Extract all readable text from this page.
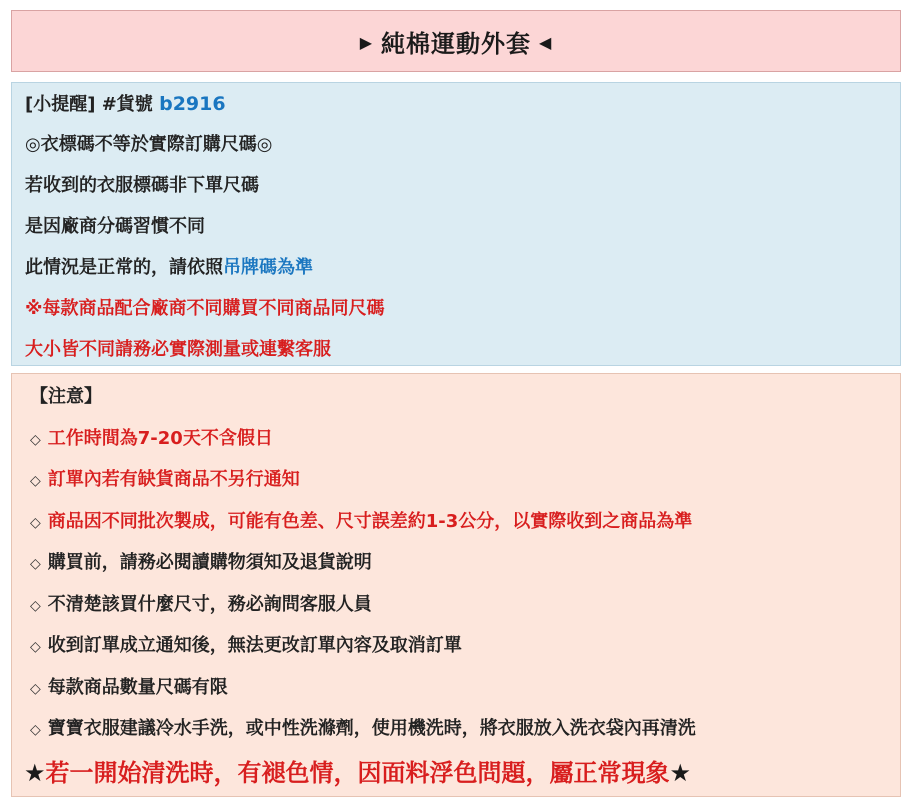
▶ 純棉運動外套 ◀
[小提醒] #貨號 b2916
◎衣標碼不等於實際訂購尺碼◎
若收到的衣服標碼非下單尺碼
是因廠商分碼習慣不同
此情況是正常的，請依照吊牌碼為準
※每款商品配合廠商不同購買不同商品同尺碼
大小皆不同請務必實際測量或連繫客服
【注意】
◇ 工作時間為7-20天不含假日
◇ 訂單內若有缺貨商品不另行通知
◇ 商品因不同批次製成，可能有色差、尺寸誤差約1-3公分，以實際收到之商品為準
◇ 購買前，請務必閱讀購物須知及退貨說明
◇ 不清楚該買什麼尺寸，務必詢問客服人員
◇ 收到訂單成立通知後，無法更改訂單內容及取消訂單
◇ 每款商品數量尺碼有限
◇ 寶寶衣服建議冷水手洗，或中性洗滌劑，使用機洗時，將衣服放入洗衣袋內再清洗
★若一開始清洗時，有褪色情，因面料浮色問題，屬正常現象★
